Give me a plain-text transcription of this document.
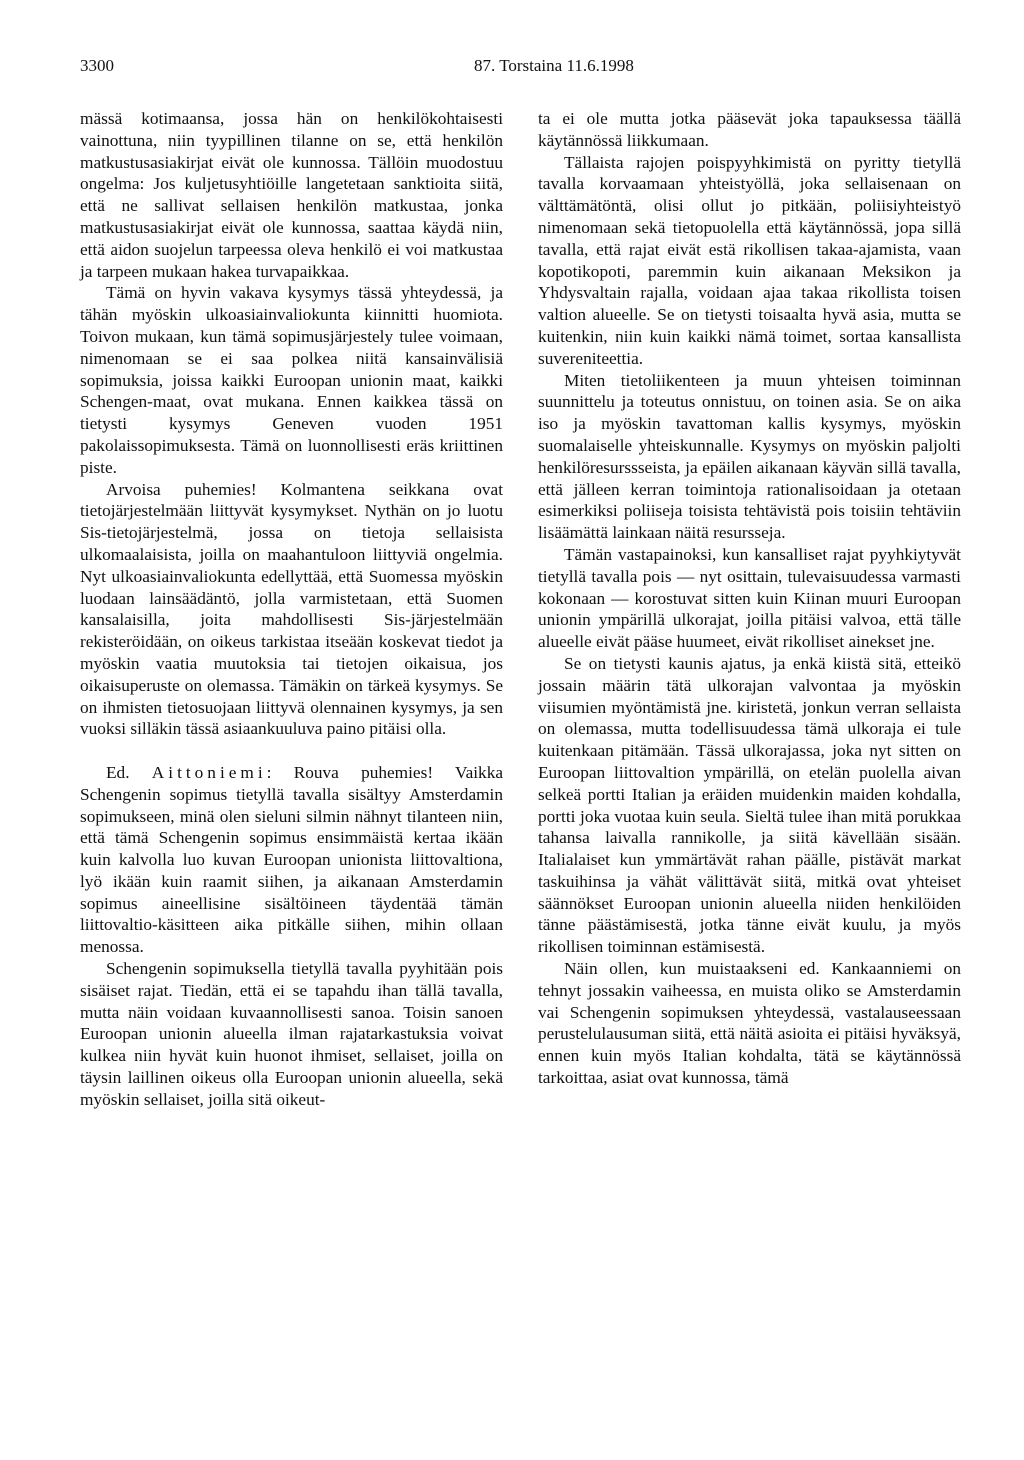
3300	87. Torstaina 11.6.1998

mässä kotimaansa, jossa hän on henkilökohtaisesti vainottuna, niin tyypillinen tilanne on se, että henkilön matkustusasiakirjat eivät ole kunnossa. Tällöin muodostuu ongelma: Jos kuljetusyhtiöille langetetaan sanktioita siitä, että ne sallivat sellaisen henkilön matkustaa, jonka matkustusasiakirjat eivät ole kunnossa, saattaa käydä niin, että aidon suojelun tarpeessa oleva henkilö ei voi matkustaa ja tarpeen mukaan hakea turvapaikkaa.

Tämä on hyvin vakava kysymys tässä yhteydessä, ja tähän myöskin ulkoasiainvaliokunta kiinnitti huomiota. Toivon mukaan, kun tämä sopimusjärjestely tulee voimaan, nimenomaan se ei saa polkea niitä kansainvälisiä sopimuksia, joissa kaikki Euroopan unionin maat, kaikki Schengen-maat, ovat mukana. Ennen kaikkea tässä on tietysti kysymys Geneven vuoden 1951 pakolaissopimuksesta. Tämä on luonnollisesti eräs kriittinen piste.

Arvoisa puhemies! Kolmantena seikkana ovat tietojärjestelmään liittyvät kysymykset. Nythän on jo luotu Sis-tietojärjestelmä, jossa on tietoja sellaisista ulkomaalaisista, joilla on maahantuloon liittyviä ongelmia. Nyt ulkoasiainvaliokunta edellyttää, että Suomessa myöskin luodaan lainsäädäntö, jolla varmistetaan, että Suomen kansalaisilla, joita mahdollisesti Sis-järjestelmään rekisteröidään, on oikeus tarkistaa itseään koskevat tiedot ja myöskin vaatia muutoksia tai tietojen oikaisua, jos oikaisuperuste on olemassa. Tämäkin on tärkeä kysymys. Se on ihmisten tietosuojaan liittyvä olennainen kysymys, ja sen vuoksi silläkin tässä asiaankuuluva paino pitäisi olla.

Ed. Aittoniemi: Rouva puhemies! Vaikka Schengenin sopimus tietyllä tavalla sisältyy Amsterdamin sopimukseen, minä olen sieluni silmin nähnyt tilanteen niin, että tämä Schengenin sopimus ensimmäistä kertaa ikään kuin kalvolla luo kuvan Euroopan unionista liittovaltiona, lyö ikään kuin raamit siihen, ja aikanaan Amsterdamin sopimus aineellisine sisältöineen täydentää tämän liittovaltio-käsitteen aika pitkälle siihen, mihin ollaan menossa.

Schengenin sopimuksella tietyllä tavalla pyyhitään pois sisäiset rajat. Tiedän, että ei se tapahdu ihan tällä tavalla, mutta näin voidaan kuvaannollisesti sanoa. Toisin sanoen Euroopan unionin alueella ilman rajatarkastuksia voivat kulkea niin hyvät kuin huonot ihmiset, sellaiset, joilla on täysin laillinen oikeus olla Euroopan unionin alueella, sekä myöskin sellaiset, joilla sitä oikeut-

ta ei ole mutta jotka pääsevät joka tapauksessa täällä käytännössä liikkumaan.

Tällaista rajojen poispyyhkimistä on pyritty tietyllä tavalla korvaamaan yhteistyöllä, joka sellaisenaan on välttämätöntä, olisi ollut jo pitkään, poliisiyhteistyö nimenomaan sekä tietopuolella että käytännössä, jopa sillä tavalla, että rajat eivät estä rikollisen takaa-ajamista, vaan kopotikopoti, paremmin kuin aikanaan Meksikon ja Yhdysvaltain rajalla, voidaan ajaa takaa rikollista toisen valtion alueelle. Se on tietysti toisaalta hyvä asia, mutta se kuitenkin, niin kuin kaikki nämä toimet, sortaa kansallista suvereniteettia.

Miten tietoliikenteen ja muun yhteisen toiminnan suunnittelu ja toteutus onnistuu, on toinen asia. Se on aika iso ja myöskin tavattoman kallis kysymys, myöskin suomalaiselle yhteiskunnalle. Kysymys on myöskin paljolti henkilöresurssseista, ja epäilen aikanaan käyvän sillä tavalla, että jälleen kerran toimintoja rationalisoidaan ja otetaan esimerkiksi poliiseja toisista tehtävistä pois toisiin tehtäviin lisäämättä lainkaan näitä resursseja.

Tämän vastapainoksi, kun kansalliset rajat pyyhkiytyvät tietyllä tavalla pois — nyt osittain, tulevaisuudessa varmasti kokonaan — korostuvat sitten kuin Kiinan muuri Euroopan unionin ympärillä ulkorajat, joilla pitäisi valvoa, että tälle alueelle eivät pääse huumeet, eivät rikolliset ainekset jne.

Se on tietysti kaunis ajatus, ja enkä kiistä sitä, etteikö jossain määrin tätä ulkorajan valvontaa ja myöskin viisumien myöntämistä jne. kiristetä, jonkun verran sellaista on olemassa, mutta todellisuudessa tämä ulkoraja ei tule kuitenkaan pitämään. Tässä ulkorajassa, joka nyt sitten on Euroopan liittovaltion ympärillä, on etelän puolella aivan selkeä portti Italian ja eräiden muidenkin maiden kohdalla, portti joka vuotaa kuin seula. Sieltä tulee ihan mitä porukkaa tahansa laivalla rannikolle, ja siitä kävellään sisään. Italialaiset kun ymmärtävät rahan päälle, pistävät markat taskuihinsa ja vähät välittävät siitä, mitkä ovat yhteiset säännökset Euroopan unionin alueella niiden henkilöiden tänne päästämisestä, jotka tänne eivät kuulu, ja myös rikollisen toiminnan estämisestä.

Näin ollen, kun muistaakseni ed. Kankaanniemi on tehnyt jossakin vaiheessa, en muista oliko se Amsterdamin vai Schengenin sopimuksen yhteydessä, vastalauseessaan perustelulausuman siitä, että näitä asioita ei pitäisi hyväksyä, ennen kuin myös Italian kohdalta, tätä se käytännössä tarkoittaa, asiat ovat kunnossa, tämä
